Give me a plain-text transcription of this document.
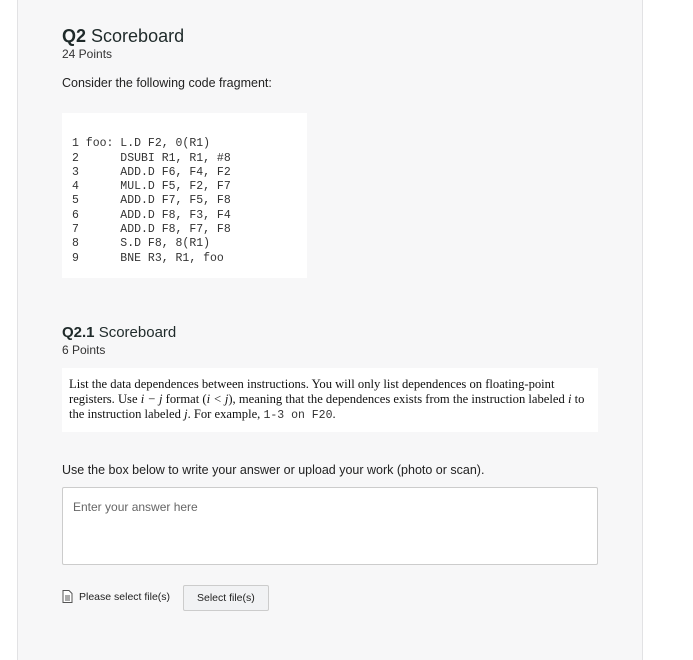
Q2 Scoreboard
24 Points
Consider the following code fragment:

1 foo: L.D F2, 0(R1)
2      DSUBI R1, R1, #8
3      ADD.D F6, F4, F2
4      MUL.D F5, F2, F7
5      ADD.D F7, F5, F8
6      ADD.D F8, F3, F4
7      ADD.D F8, F7, F8
8      S.D F8, 8(R1)
9      BNE R3, R1, foo

Q2.1 Scoreboard
6 Points
List the data dependences between instructions. You will only list dependences on floating-point registers. Use i − j format (i < j), meaning that the dependences exists from the instruction labeled i to the instruction labeled j. For example, 1-3 on F20.
Use the box below to write your answer or upload your work (photo or scan).
Enter your answer here
Please select file(s)	Select file(s)
